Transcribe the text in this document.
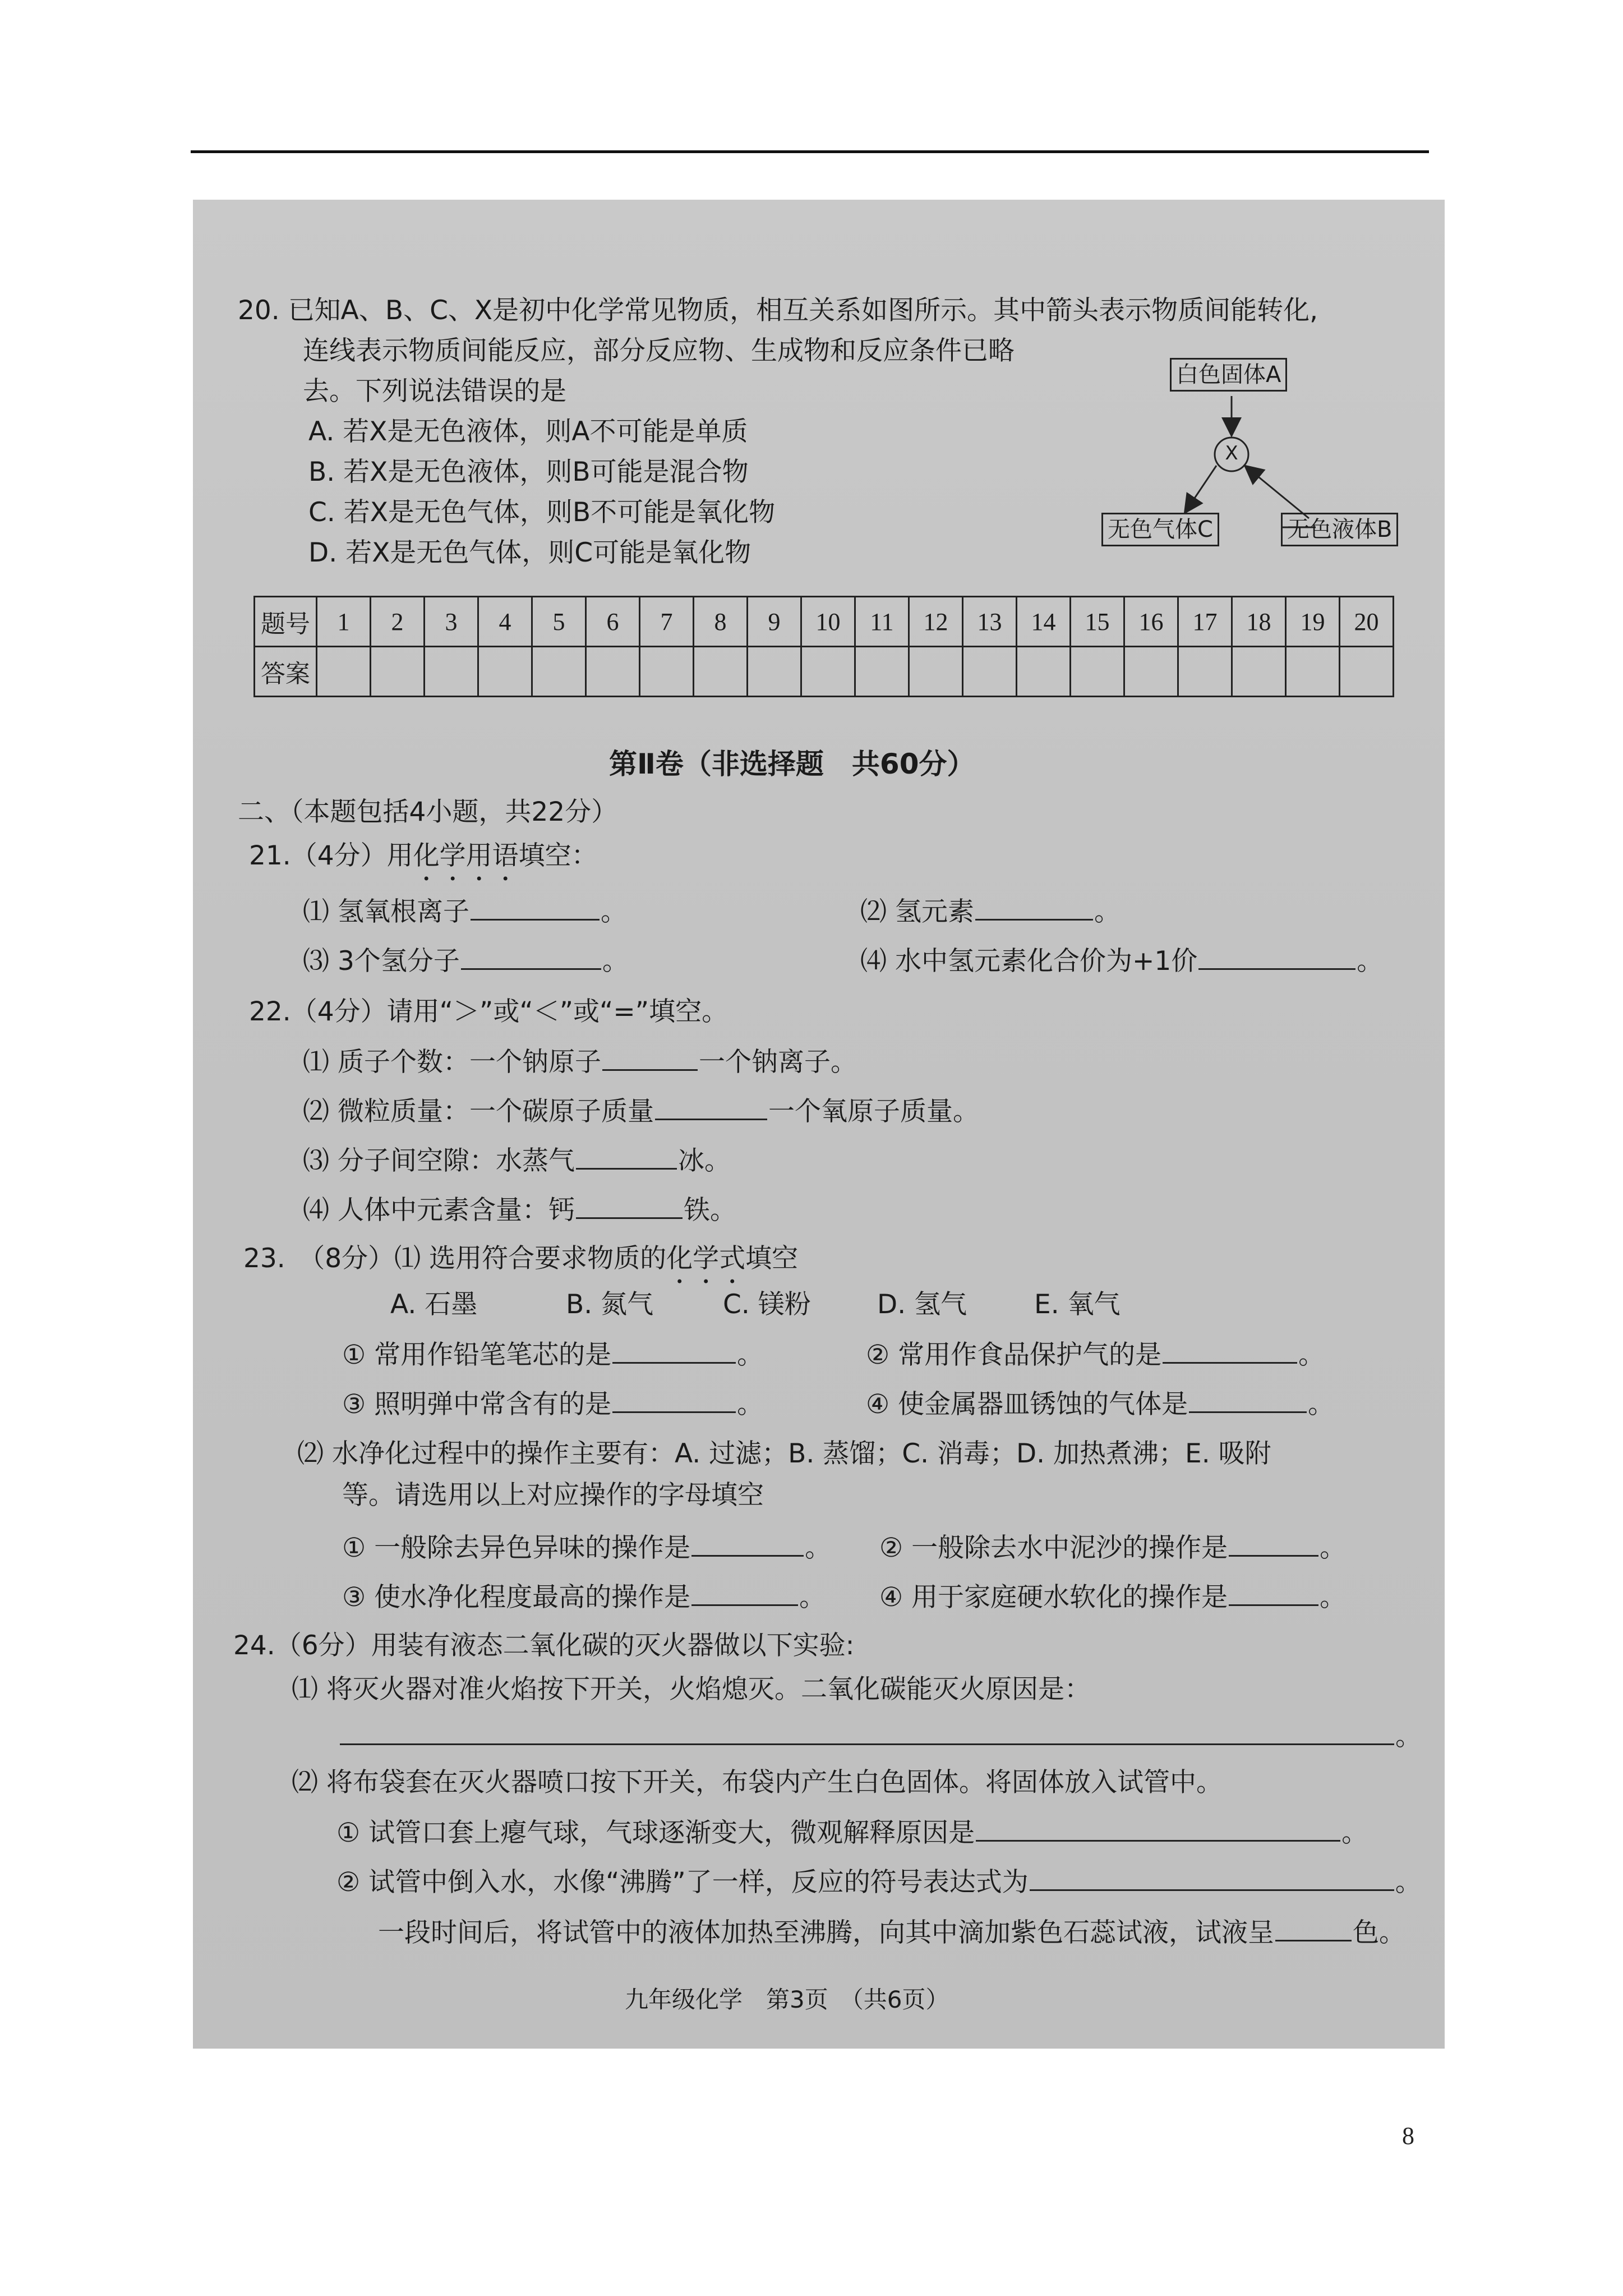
20. 已知A、B、C、X是初中化学常见物质，相互关系如图所示。其中箭头表示物质间能转化,
连线表示物质间能反应，部分反应物、生成物和反应条件已略
去。下列说法错误的是
A. 若X是无色液体，则A不可能是单质
B. 若X是无色液体，则B可能是混合物
C. 若X是无色气体，则B不可能是氧化物
D. 若X是无色气体，则C可能是氧化物
白色固体A
X
无色气体C	无色液体B
题号	1	2	3	4	5	6	7	8	9	10	11	12	13	14	15	16	17	18	19	20
答案																				
第Ⅱ卷（非选择题　共60分）
二、（本题包括4小题，共22分）
21.（4分）用化学用语填空：
⑴ 氢氧根离子	。	⑵ 氢元素	。
⑶ 3个氢分子	。	⑷ 水中氢元素化合价为+1价	。
22.（4分）请用“＞”或“＜”或“=”填空。
⑴ 质子个数：一个钠原子	一个钠离子。
⑵ 微粒质量：一个碳原子质量	一个氧原子质量。
⑶ 分子间空隙：水蒸气	冰。
⑷ 人体中元素含量：钙	铁。
23.　（8分）⑴ 选用符合要求物质的化学式填空
A. 石墨	B. 氮气	C. 镁粉	D. 氢气	E. 氧气
① 常用作铅笔笔芯的是	。	② 常用作食品保护气的是	。
③ 照明弹中常含有的是	。	④ 使金属器皿锈蚀的气体是	。
⑵ 水净化过程中的操作主要有：A. 过滤；B. 蒸馏；C. 消毒；D. 加热煮沸；E. 吸附
等。请选用以上对应操作的字母填空
① 一般除去异色异味的操作是	。 ② 一般除去水中泥沙的操作是	。
③ 使水净化程度最高的操作是	。 ④ 用于家庭硬水软化的操作是	。
24.（6分）用装有液态二氧化碳的灭火器做以下实验:
⑴ 将灭火器对准火焰按下开关，火焰熄灭。二氧化碳能灭火原因是：
。
⑵ 将布袋套在灭火器喷口按下开关，布袋内产生白色固体。将固体放入试管中。
① 试管口套上瘪气球，气球逐渐变大，微观解释原因是	。
② 试管中倒入水，水像“沸腾”了一样，反应的符号表达式为	。
一段时间后，将试管中的液体加热至沸腾，向其中滴加紫色石蕊试液，试液呈	色。
九年级化学　第3页　（共6页）
8
